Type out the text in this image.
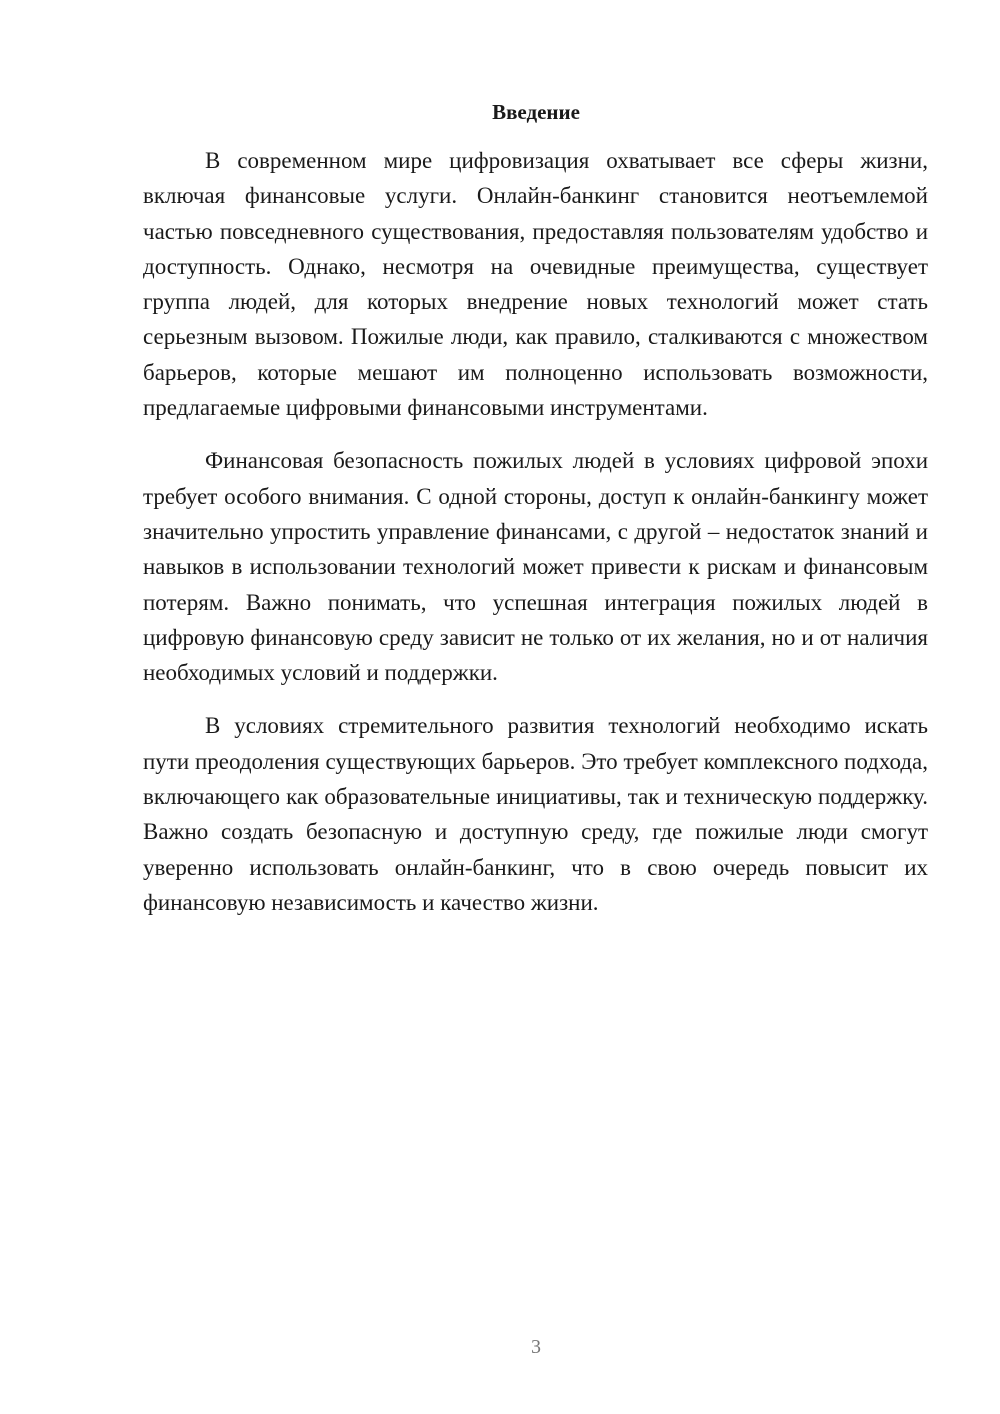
Введение

В современном мире цифровизация охватывает все сферы жизни, включая финансовые услуги. Онлайн-банкинг становится неотъемлемой частью повседневного существования, предоставляя пользователям удобство и доступность. Однако, несмотря на очевидные преимущества, существует группа людей, для которых внедрение новых технологий может стать серьезным вызовом. Пожилые люди, как правило, сталкиваются с множеством барьеров, которые мешают им полноценно использовать возможности, предлагаемые цифровыми финансовыми инструментами.

Финансовая безопасность пожилых людей в условиях цифровой эпохи требует особого внимания. С одной стороны, доступ к онлайн-банкингу может значительно упростить управление финансами, с другой – недостаток знаний и навыков в использовании технологий может привести к рискам и финансовым потерям. Важно понимать, что успешная интеграция пожилых людей в цифровую финансовую среду зависит не только от их желания, но и от наличия необходимых условий и поддержки.

В условиях стремительного развития технологий необходимо искать пути преодоления существующих барьеров. Это требует комплексного подхода, включающего как образовательные инициативы, так и техническую поддержку. Важно создать безопасную и доступную среду, где пожилые люди смогут уверенно использовать онлайн-банкинг, что в свою очередь повысит их финансовую независимость и качество жизни.

3
